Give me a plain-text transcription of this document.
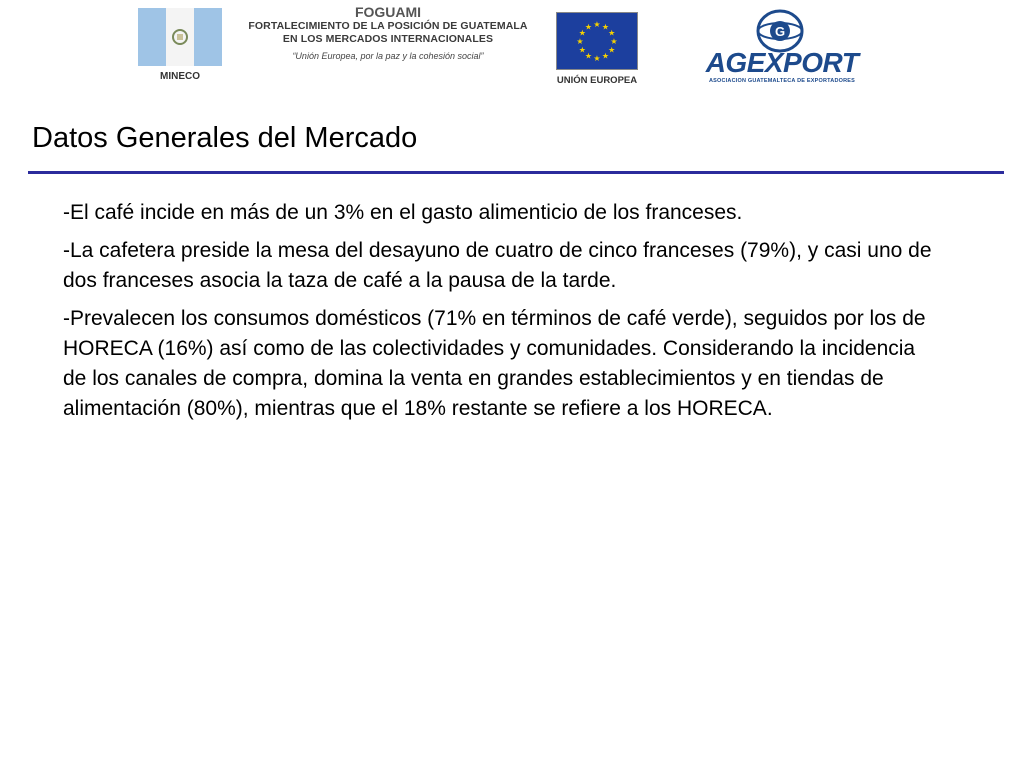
MINECO
FOGUAMI
FORTALECIMIENTO DE LA POSICIÓN DE GUATEMALA
EN LOS MERCADOS INTERNACIONALES
“Unión Europea, por la paz y la cohesión social”
★ ★
★
★
★
★
★
★
★
★
★
★
UNIÓN EUROPEA
G
AGEXPORT
ASOCIACION GUATEMALTECA DE EXPORTADORES
Datos Generales del Mercado

-El café incide en más de un 3% en el gasto alimenticio de los franceses.

-La cafetera preside la mesa del desayuno de cuatro de cinco franceses (79%), y casi uno de dos franceses asocia la taza de café a la pausa de la tarde.

-Prevalecen los consumos domésticos (71% en términos de café verde), seguidos por los de HORECA (16%) así como de las colectividades y comunidades. Considerando la incidencia de los canales de compra, domina la venta en grandes establecimientos y en tiendas de alimentación (80%), mientras que el 18% restante se refiere a los HORECA.
